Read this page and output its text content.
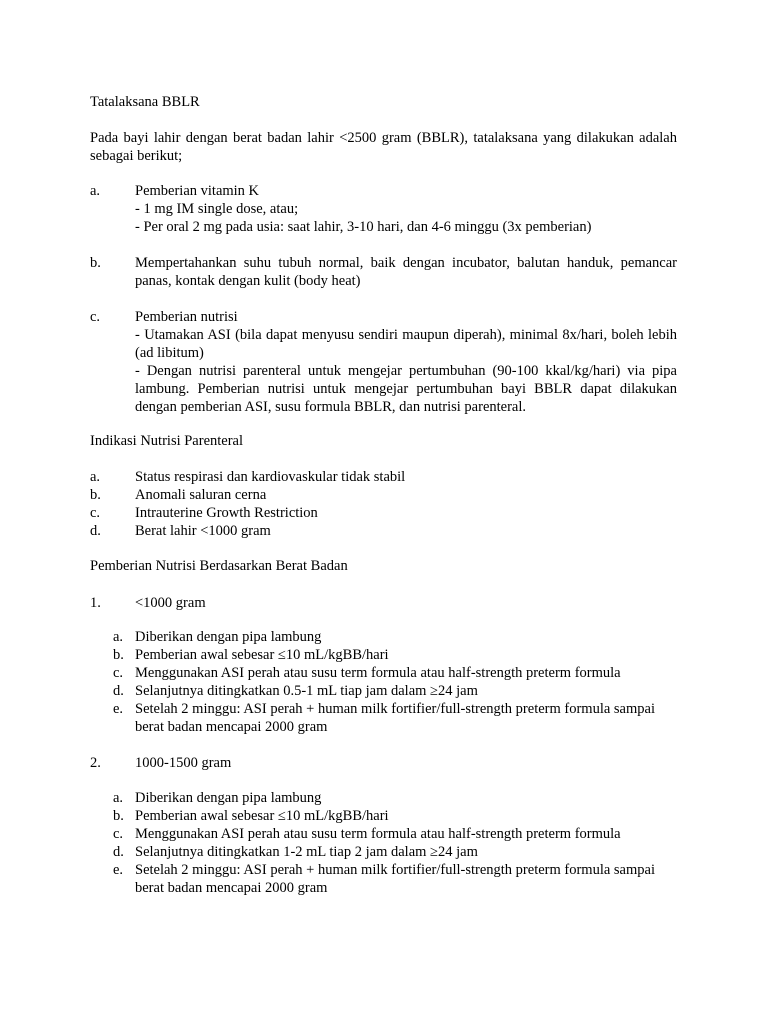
Tatalaksana BBLR
Pada bayi lahir dengan berat badan lahir <2500 gram (BBLR), tatalaksana yang dilakukan adalah sebagai berikut;
a.	Pemberian vitamin K
- 1 mg IM single dose, atau;
- Per oral 2 mg pada usia: saat lahir, 3-10 hari, dan 4-6 minggu (3x pemberian)
b.	Mempertahankan suhu tubuh normal, baik dengan incubator, balutan handuk, pemancar panas, kontak dengan kulit (body heat)
c.	Pemberian nutrisi
- Utamakan ASI (bila dapat menyusu sendiri maupun diperah), minimal 8x/hari, boleh lebih (ad libitum)
- Dengan nutrisi parenteral untuk mengejar pertumbuhan (90-100 kkal/kg/hari) via pipa lambung. Pemberian nutrisi untuk mengejar pertumbuhan bayi BBLR dapat dilakukan dengan pemberian ASI, susu formula BBLR, dan nutrisi parenteral.
Indikasi Nutrisi Parenteral
a.	Status respirasi dan kardiovaskular tidak stabil
b.	Anomali saluran cerna
c.	Intrauterine Growth Restriction
d.	Berat lahir <1000 gram
Pemberian Nutrisi Berdasarkan Berat Badan
1.	<1000 gram
a. Diberikan dengan pipa lambung
b. Pemberian awal sebesar ≤10 mL/kgBB/hari
c. Menggunakan ASI perah atau susu term formula atau half-strength preterm formula
d. Selanjutnya ditingkatkan 0.5-1 mL tiap jam dalam ≥24 jam
e. Setelah 2 minggu: ASI perah + human milk fortifier/full-strength preterm formula sampai berat badan mencapai 2000 gram
2.	1000-1500 gram
a. Diberikan dengan pipa lambung
b. Pemberian awal sebesar ≤10 mL/kgBB/hari
c. Menggunakan ASI perah atau susu term formula atau half-strength preterm formula
d. Selanjutnya ditingkatkan 1-2 mL tiap 2 jam dalam ≥24 jam
e. Setelah 2 minggu: ASI perah + human milk fortifier/full-strength preterm formula sampai berat badan mencapai 2000 gram
